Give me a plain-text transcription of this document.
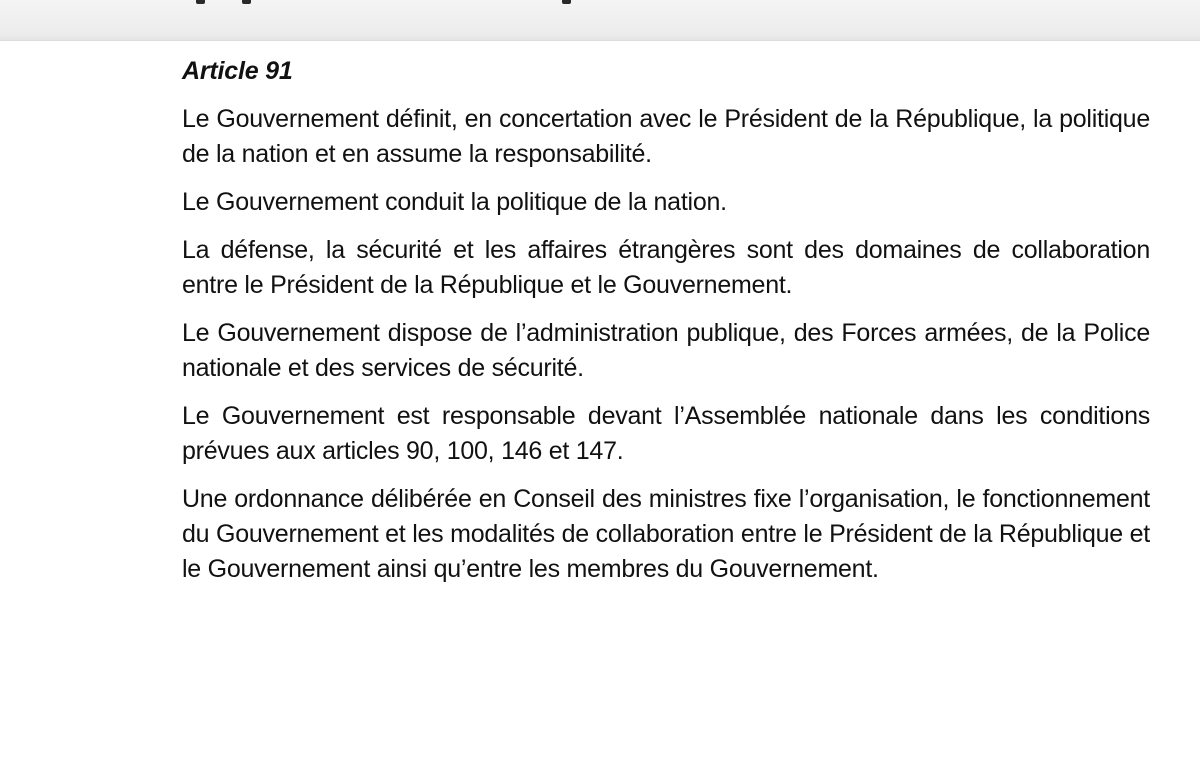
Article 91

Le Gouvernement définit, en concertation avec le Président de la République, la politique de la nation et en assume la responsabilité.

Le Gouvernement conduit la politique de la nation.

La défense, la sécurité et les affaires étrangères sont des domaines de collaboration entre le Président de la République et le Gouvernement.

Le Gouvernement dispose de l’administration publique, des Forces armées, de la Police nationale et des services de sécurité.

Le Gouvernement est responsable devant l’Assemblée nationale dans les conditions prévues aux articles 90, 100, 146 et 147.

Une ordonnance délibérée en Conseil des ministres fixe l’organisation, le fonctionnement du Gouvernement et les modalités de collaboration entre le Président de la République et le Gouvernement ainsi qu’entre les membres du Gouvernement.
